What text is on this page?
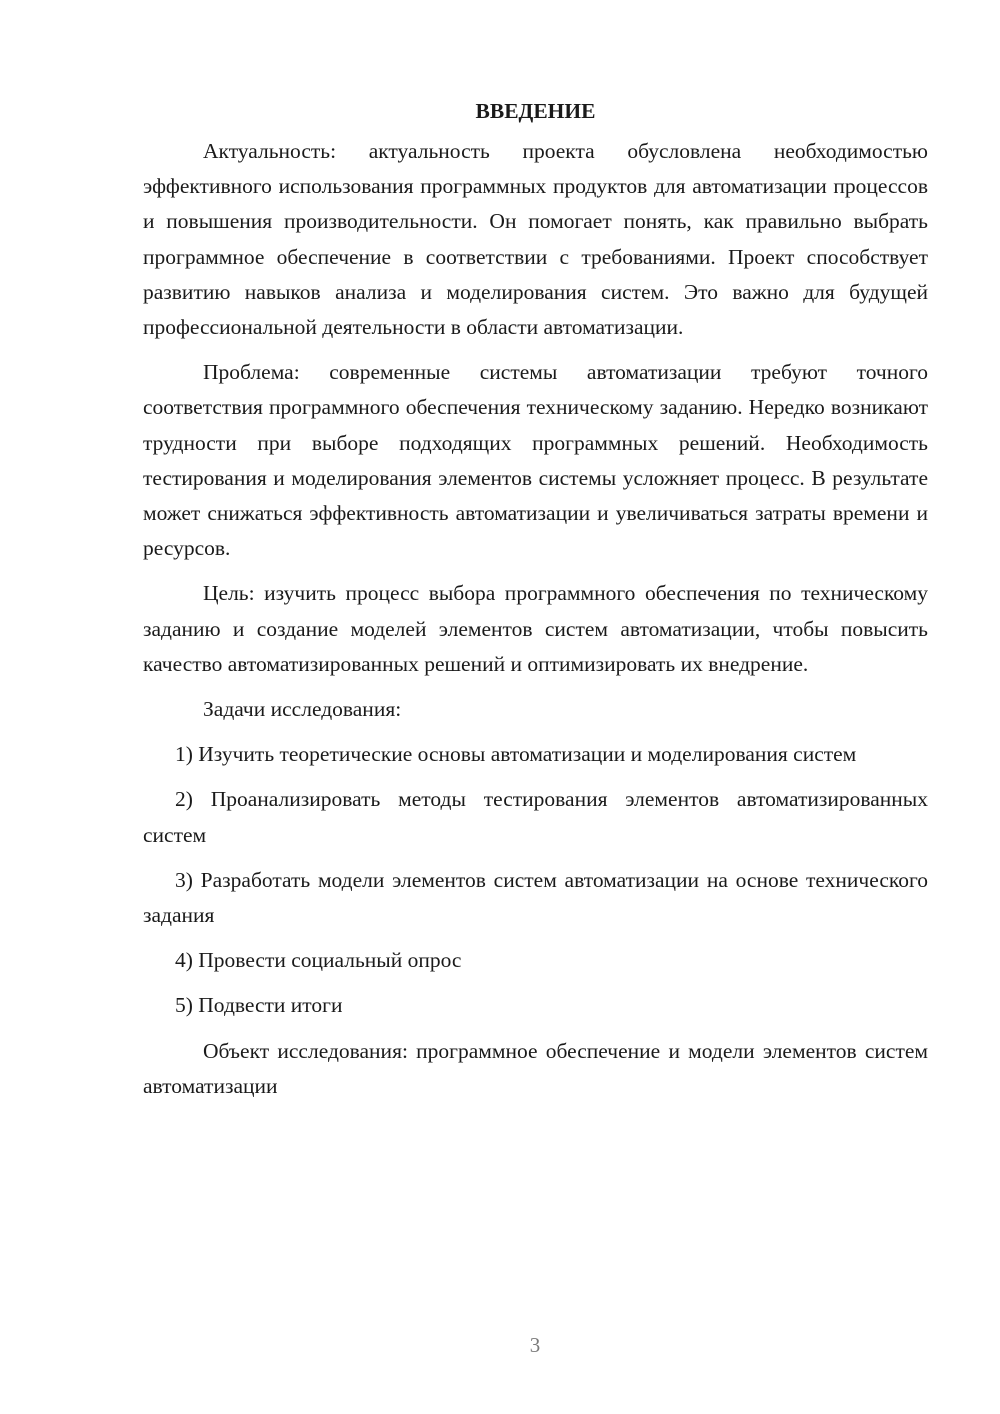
ВВЕДЕНИЕ

Актуальность: актуальность проекта обусловлена необходимостью эффективного использования программных продуктов для автоматизации процессов и повышения производительности. Он помогает понять, как правильно выбрать программное обеспечение в соответствии с требованиями. Проект способствует развитию навыков анализа и моделирования систем. Это важно для будущей профессиональной деятельности в области автоматизации.

Проблема: современные системы автоматизации требуют точного соответствия программного обеспечения техническому заданию. Нередко возникают трудности при выборе подходящих программных решений. Необходимость тестирования и моделирования элементов системы усложняет процесс. В результате может снижаться эффективность автоматизации и увеличиваться затраты времени и ресурсов.

Цель: изучить процесс выбора программного обеспечения по техническому заданию и создание моделей элементов систем автоматизации, чтобы повысить качество автоматизированных решений и оптимизировать их внедрение.

Задачи исследования:

1) Изучить теоретические основы автоматизации и моделирования систем

2) Проанализировать методы тестирования элементов автоматизированных систем

3) Разработать модели элементов систем автоматизации на основе технического задания

4) Провести социальный опрос

5) Подвести итоги

Объект исследования: программное обеспечение и модели элементов систем автоматизации

3
